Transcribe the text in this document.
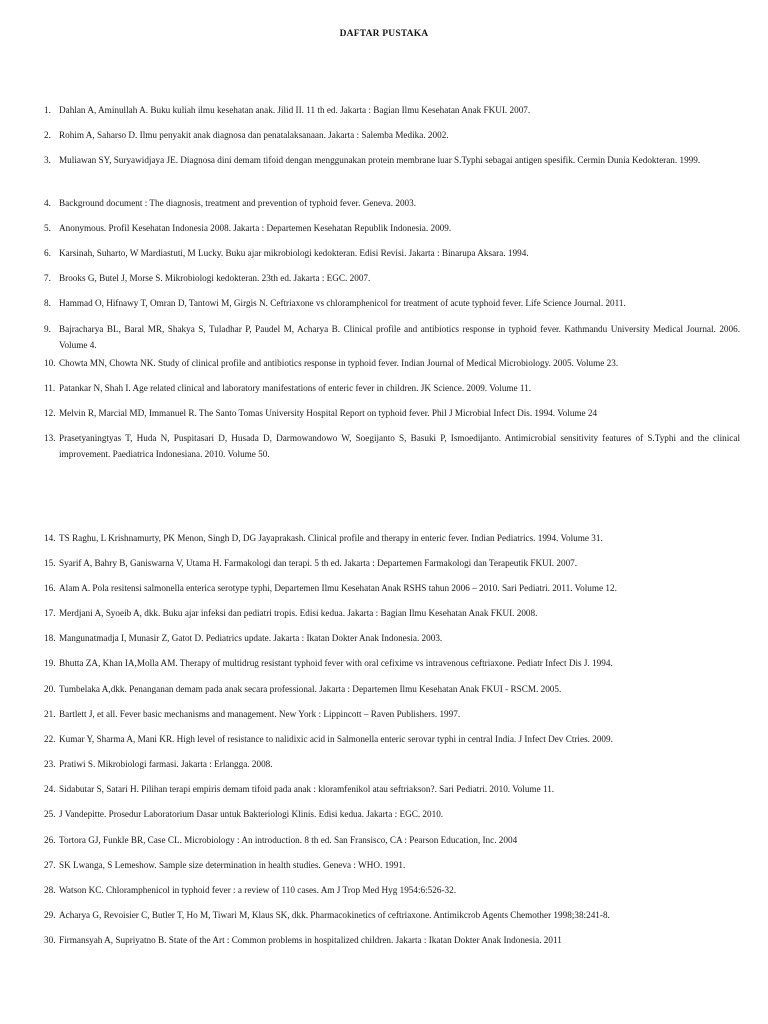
DAFTAR PUSTAKA
1. Dahlan A, Aminullah A. Buku kuliah ilmu kesehatan anak. Jilid II. 11 th ed. Jakarta : Bagian Ilmu Kesehatan Anak FKUI. 2007.
2. Rohim A, Saharso D. Ilmu penyakit anak diagnosa dan penatalaksanaan. Jakarta : Salemba Medika. 2002.
3. Muliawan SY, Suryawidjaya JE. Diagnosa dini demam tifoid dengan menggunakan protein membrane luar S.Typhi sebagai antigen spesifik. Cermin Dunia Kedokteran. 1999.
4. Background document : The diagnosis, treatment and prevention of typhoid fever. Geneva. 2003.
5. Anonymous. Profil Kesehatan Indonesia 2008. Jakarta : Departemen Kesehatan Republik Indonesia. 2009.
6. Karsinah, Suharto, W Mardiastuti, M Lucky. Buku ajar mikrobiologi kedokteran. Edisi Revisi. Jakarta : Binarupa Aksara. 1994.
7. Brooks G, Butel J, Morse S. Mikrobiologi kedokteran. 23th ed. Jakarta : EGC. 2007.
8. Hammad O, Hifnawy T, Omran D, Tantowi M, Girgis N. Ceftriaxone vs chloramphenicol for treatment of acute typhoid fever. Life Science Journal. 2011.
9. Bajracharya BL, Baral MR, Shakya S, Tuladhar P, Paudel M, Acharya B. Clinical profile and antibiotics response in typhoid fever. Kathmandu University Medical Journal. 2006. Volume 4.
10. Chowta MN, Chowta NK. Study of clinical profile and antibiotics response in typhoid fever. Indian Journal of Medical Microbiology. 2005. Volume 23.
11. Patankar N, Shah I. Age related clinical and laboratory manifestations of enteric fever in children. JK Science. 2009. Volume 11.
12. Melvin R, Marcial MD, Immanuel R. The Santo Tomas University Hospital Report on typhoid fever. Phil J Microbial Infect Dis. 1994. Volume 24
13. Prasetyaningtyas T, Huda N, Puspitasari D, Husada D, Darmowandowo W, Soegijanto S, Basuki P, Ismoedijanto. Antimicrobial sensitivity features of S.Typhi and the clinical improvement. Paediatrica Indonesiana. 2010. Volume 50.
14. TS Raghu, L Krishnamurty, PK Menon, Singh D, DG Jayaprakash. Clinical profile and therapy in enteric fever. Indian Pediatrics. 1994. Volume 31.
15. Syarif A, Bahry B, Ganiswarna V, Utama H. Farmakologi dan terapi. 5 th ed. Jakarta : Departemen Farmakologi dan Terapeutik FKUI. 2007.
16. Alam A. Pola resitensi salmonella enterica serotype typhi, Departemen Ilmu Kesehatan Anak RSHS tahun 2006 – 2010. Sari Pediatri. 2011. Volume 12.
17. Merdjani A, Syoeib A, dkk. Buku ajar infeksi dan pediatri tropis. Edisi kedua. Jakarta : Bagian Ilmu Kesehatan Anak FKUI. 2008.
18. Mangunatmadja I, Munasir Z, Gatot D. Pediatrics update. Jakarta : Ikatan Dokter Anak Indonesia. 2003.
19. Bhutta ZA, Khan IA,Molla AM. Therapy of multidrug resistant typhoid fever with oral cefixime vs intravenous ceftriaxone. Pediatr Infect Dis J. 1994.
20. Tumbelaka A,dkk. Penanganan demam pada anak secara professional. Jakarta : Departemen Ilmu Kesehatan Anak FKUI - RSCM. 2005.
21. Bartlett J, et all. Fever basic mechanisms and management. New York : Lippincott – Raven Publishers. 1997.
22. Kumar Y, Sharma A, Mani KR. High level of resistance to nalidixic acid in Salmonella enteric serovar typhi in central India. J Infect Dev Ctries. 2009.
23. Pratiwi S. Mikrobiologi farmasi. Jakarta : Erlangga. 2008.
24. Sidabutar S, Satari H. Pilihan terapi empiris demam tifoid pada anak : kloramfenikol atau seftriakson?. Sari Pediatri. 2010. Volume 11.
25. J Vandepitte. Prosedur Laboratorium Dasar untuk Bakteriologi Klinis. Edisi kedua. Jakarta : EGC. 2010.
26. Tortora GJ, Funkle BR, Case CL. Microbiology : An introduction. 8 th ed. San Fransisco, CA : Pearson Education, Inc. 2004
27. SK Lwanga, S Lemeshow. Sample size determination in health studies. Geneva : WHO. 1991.
28. Watson KC. Chloramphenicol in typhoid fever : a review of 110 cases. Am J Trop Med Hyg 1954:6:526-32.
29. Acharya G, Revoisier C, Butler T, Ho M, Tiwari M, Klaus SK, dkk. Pharmacokinetics of ceftriaxone. Antimikcrob Agents Chemother 1998;38:241-8.
30. Firmansyah A, Supriyatno B. State of the Art : Common problems in hospitalized children. Jakarta : Ikatan Dokter Anak Indonesia. 2011
